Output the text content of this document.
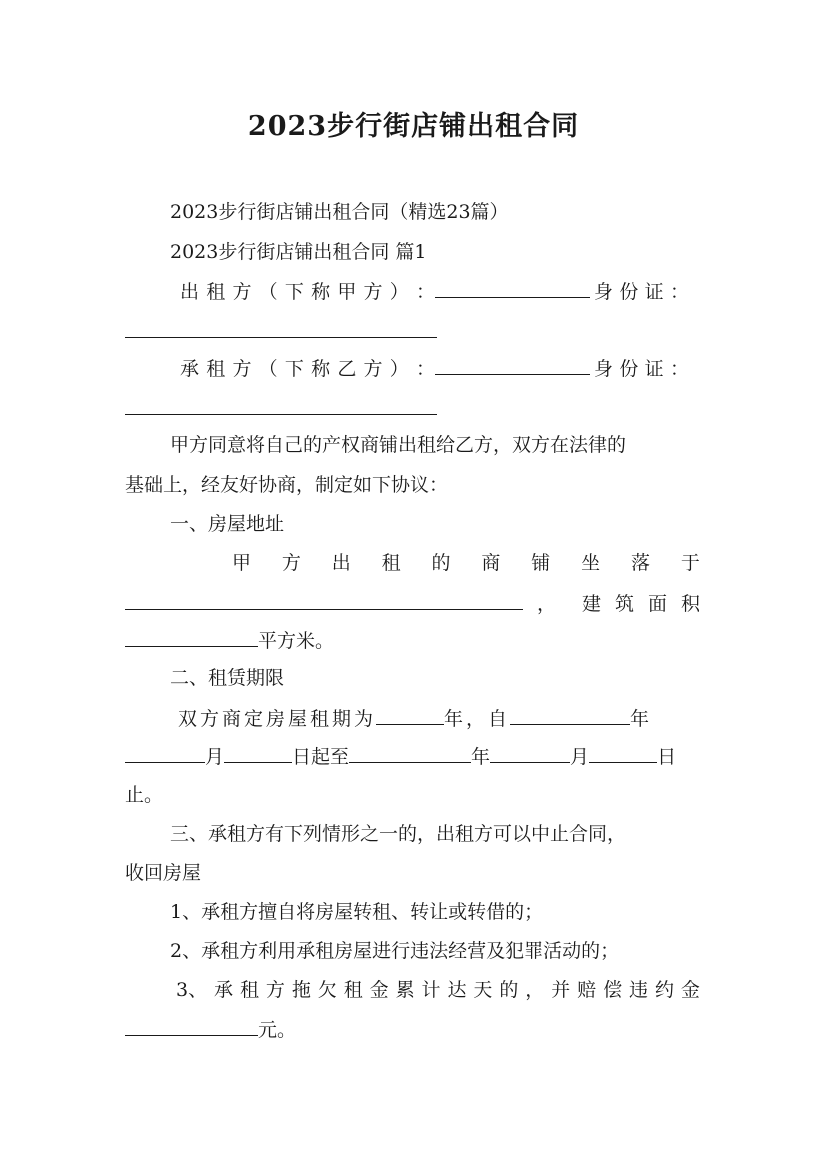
2023步行街店铺出租合同
2023步行街店铺出租合同（精选23篇）
2023步行街店铺出租合同 篇1
出 租 方 （ 下 称 甲 方 ） ：	身 份 证 ：
承 租 方 （ 下 称 乙 方 ） ：	身 份 证 ：
甲方同意将自己的产权商铺出租给乙方，双方在法律的
基础上，经友好协商，制定如下协议：
一、房屋地址
甲 方 出 租 的 商 铺 坐 落 于
， 建 筑 面 积
平方米。
二、租赁期限
双方商定房屋租期为	年，自	年
月	日起至	年	月	日
止。
三、承租方有下列情形之一的，出租方可以中止合同，
收回房屋
1、承租方擅自将房屋转租、转让或转借的；
2、承租方利用承租房屋进行违法经营及犯罪活动的；
3、 承 租 方 拖 欠 租 金 累 计 达 天 的 ， 并 赔 偿 违 约 金
元。
